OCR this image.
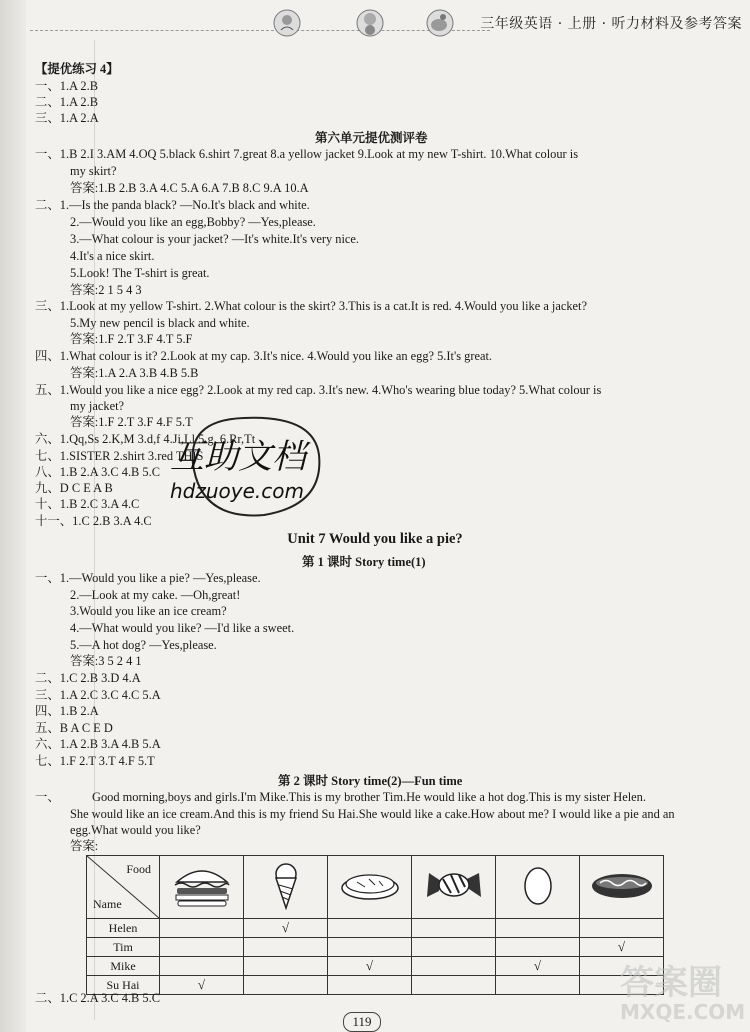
三年级英语 · 上册 · 听力材料及参考答案
【提优练习 4】
一、1.A 2.B
二、1.A 2.B
三、1.A 2.A
第六单元提优测评卷
一、1.B 2.I 3.AM 4.OQ 5.black 6.shirt 7.great 8.a yellow jacket 9.Look at my new T-shirt. 10.What colour is
my skirt?
答案:1.B 2.B 3.A 4.C 5.A 6.A 7.B 8.C 9.A 10.A
二、1.—Is the panda black? —No.It's black and white.
2.—Would you like an egg,Bobby? —Yes,please.
3.—What colour is your jacket? —It's white.It's very nice.
4.It's a nice skirt.
5.Look! The T-shirt is great.
答案:2 1 5 4 3
三、1.Look at my yellow T-shirt. 2.What colour is the skirt? 3.This is a cat.It is red. 4.Would you like a jacket?
5.My new pencil is black and white.
答案:1.F 2.T 3.F 4.T 5.F
四、1.What colour is it? 2.Look at my cap. 3.It's nice. 4.Would you like an egg? 5.It's great.
答案:1.A 2.A 3.B 4.B 5.B
五、1.Would you like a nice egg? 2.Look at my red cap. 3.It's new. 4.Who's wearing blue today? 5.What colour is
my jacket?
答案:1.F 2.T 3.F 4.F 5.T
六、1.Qq,Ss 2.K,M 3.d,f 4.Ji,Ll 5.g, 6.Rr,Tt
七、1.SISTER 2.shirt 3.red THIS
八、1.B 2.A 3.C 4.B 5.C
九、D C E A B
十、1.B 2.C 3.A 4.C
十一、1.C 2.B 3.A 4.C
互助文档
hdzuoye.com
Unit 7 Would you like a pie?
第 1 课时 Story time(1)
一、1.—Would you like a pie? —Yes,please.
2.—Look at my cake. —Oh,great!
3.Would you like an ice cream?
4.—What would you like? —I'd like a sweet.
5.—A hot dog? —Yes,please.
答案:3 5 2 4 1
二、1.C 2.B 3.D 4.A
三、1.A 2.C 3.C 4.C 5.A
四、1.B 2.A
五、B A C E D
六、1.A 2.B 3.A 4.B 5.A
七、1.F 2.T 3.T 4.F 5.T
第 2 课时 Story time(2)—Fun time
一、	Good morning,boys and girls.I'm Mike.This is my brother Tim.He would like a hot dog.This is my sister Helen.
She would like an ice cream.And this is my friend Su Hai.She would like a cake.How about me? I would like a pie and an
egg.What would you like?
答案:
Food
Name

Helen		√				
Tim						√
Mike			√		√	
Su Hai	√					
二、1.C 2.A 3.C 4.B 5.C
119
答案圈
MXQE.COM
